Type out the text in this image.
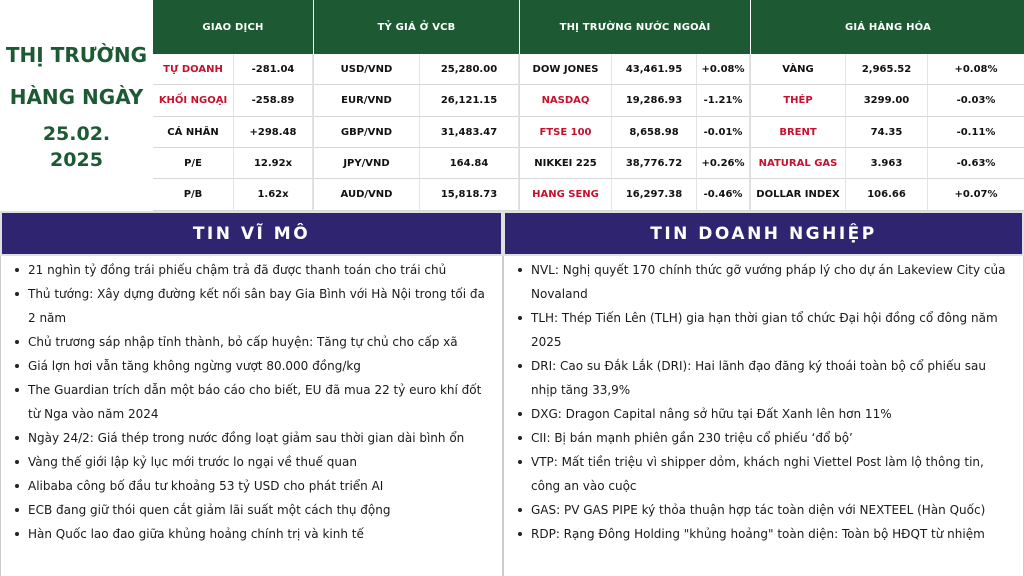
THỊ TRƯỜNG
HÀNG NGÀY
25.02.
2025
GIAO DỊCH	TỶ GIÁ Ở VCB	THỊ TRƯỜNG NƯỚC NGOÀI	GIÁ HÀNG HÓA
TỰ DOANH	-281.04	USD/VND	25,280.00	DOW JONES	43,461.95	+0.08%	VÀNG	2,965.52	+0.08%
KHỐI NGOẠI	-258.89	EUR/VND	26,121.15	NASDAQ	19,286.93	-1.21%	THÉP	3299.00	-0.03%
CÁ NHÂN	+298.48	GBP/VND	31,483.47	FTSE 100	8,658.98	-0.01%	BRENT	74.35	-0.11%
P/E	12.92x	JPY/VND	164.84	NIKKEI 225	38,776.72	+0.26%	NATURAL GAS	3.963	-0.63%
P/B	1.62x	AUD/VND	15,818.73	HANG SENG	16,297.38	-0.46%	DOLLAR INDEX	106.66	+0.07%
TIN VĨ MÔ	TIN DOANH NGHIỆP
21 nghìn tỷ đồng trái phiếu chậm trả đã được thanh toán cho trái chủ
Thủ tướng: Xây dựng đường kết nối sân bay Gia Bình với Hà Nội trong tối đa 2 năm
Chủ trương sáp nhập tỉnh thành, bỏ cấp huyện: Tăng tự chủ cho cấp xã
Giá lợn hơi vẫn tăng không ngừng vượt 80.000 đồng/kg
The Guardian trích dẫn một báo cáo cho biết, EU đã mua 22 tỷ euro khí đốt từ Nga vào năm 2024
Ngày 24/2: Giá thép trong nước đồng loạt giảm sau thời gian dài bình ổn
Vàng thế giới lập kỷ lục mới trước lo ngại về thuế quan
Alibaba công bố đầu tư khoảng 53 tỷ USD cho phát triển AI
ECB đang giữ thói quen cắt giảm lãi suất một cách thụ động
Hàn Quốc lao đao giữa khủng hoảng chính trị và kinh tế
NVL: Nghị quyết 170 chính thức gỡ vướng pháp lý cho dự án Lakeview City của Novaland
TLH: Thép Tiến Lên (TLH) gia hạn thời gian tổ chức Đại hội đồng cổ đông năm 2025
DRI: Cao su Đắk Lắk (DRI): Hai lãnh đạo đăng ký thoái toàn bộ cổ phiếu sau nhịp tăng 33,9%
DXG: Dragon Capital nâng sở hữu tại Đất Xanh lên hơn 11%
CII: Bị bán mạnh phiên gần 230 triệu cổ phiếu ‘đổ bộ’
VTP: Mất tiền triệu vì shipper dỏm, khách nghi Viettel Post làm lộ thông tin, công an vào cuộc
GAS: PV GAS PIPE ký thỏa thuận hợp tác toàn diện với NEXTEEL (Hàn Quốc)
RDP: Rạng Đông Holding "khủng hoảng" toàn diện: Toàn bộ HĐQT từ nhiệm
